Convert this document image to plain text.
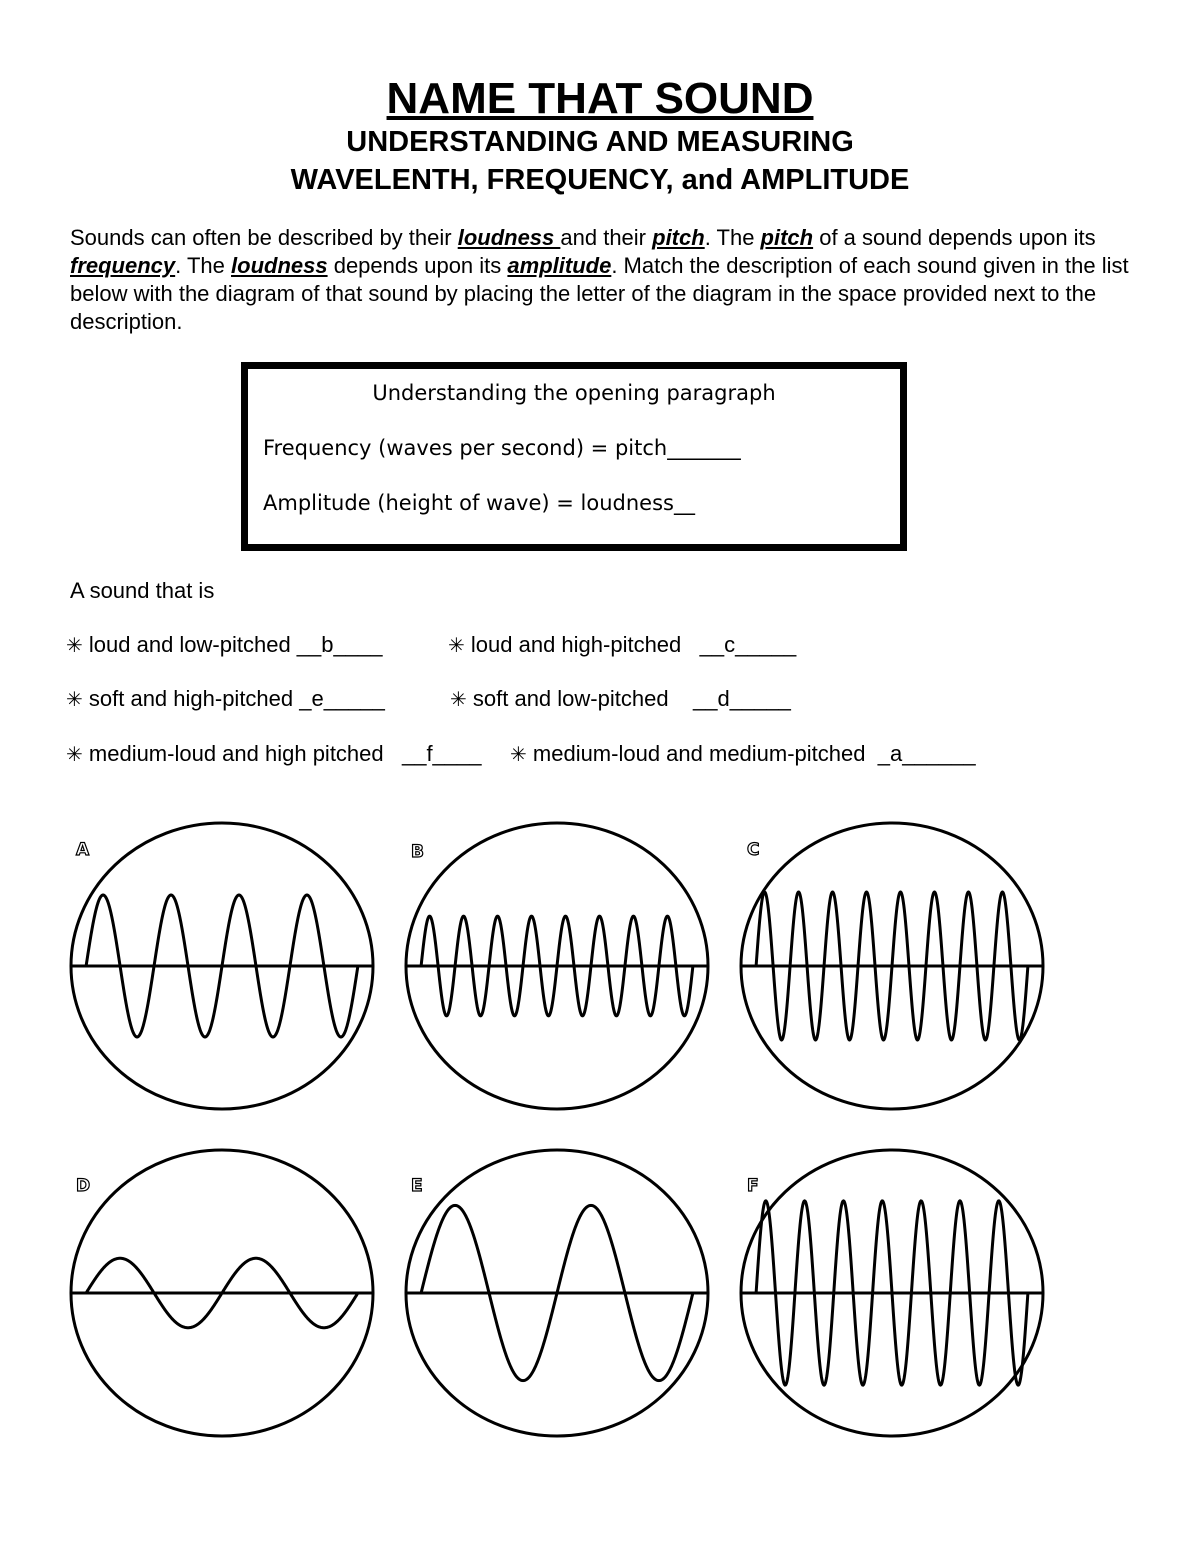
NAME THAT SOUND
UNDERSTANDING AND MEASURING
WAVELENTH, FREQUENCY, and AMPLITUDE
Sounds can often be described by their loudness and their pitch. The pitch of a sound depends upon its frequency. The loudness depends upon its amplitude. Match the description of each sound given in the list below with the diagram of that sound by placing the letter of the diagram in the space provided next to the description.
Understanding the opening paragraph
Frequency (waves per second) = pitch_______
Amplitude (height of wave) = loudness__
A sound that is
✳ loud and low-pitched __b____	✳ loud and high-pitched   __c_____
✳ soft and high-pitched _e_____	✳ soft and low-pitched    __d_____
✳ medium-loud and high pitched   __f____ ✳ medium-loud and medium-pitched  _a______
A	B	C
D	E	F
